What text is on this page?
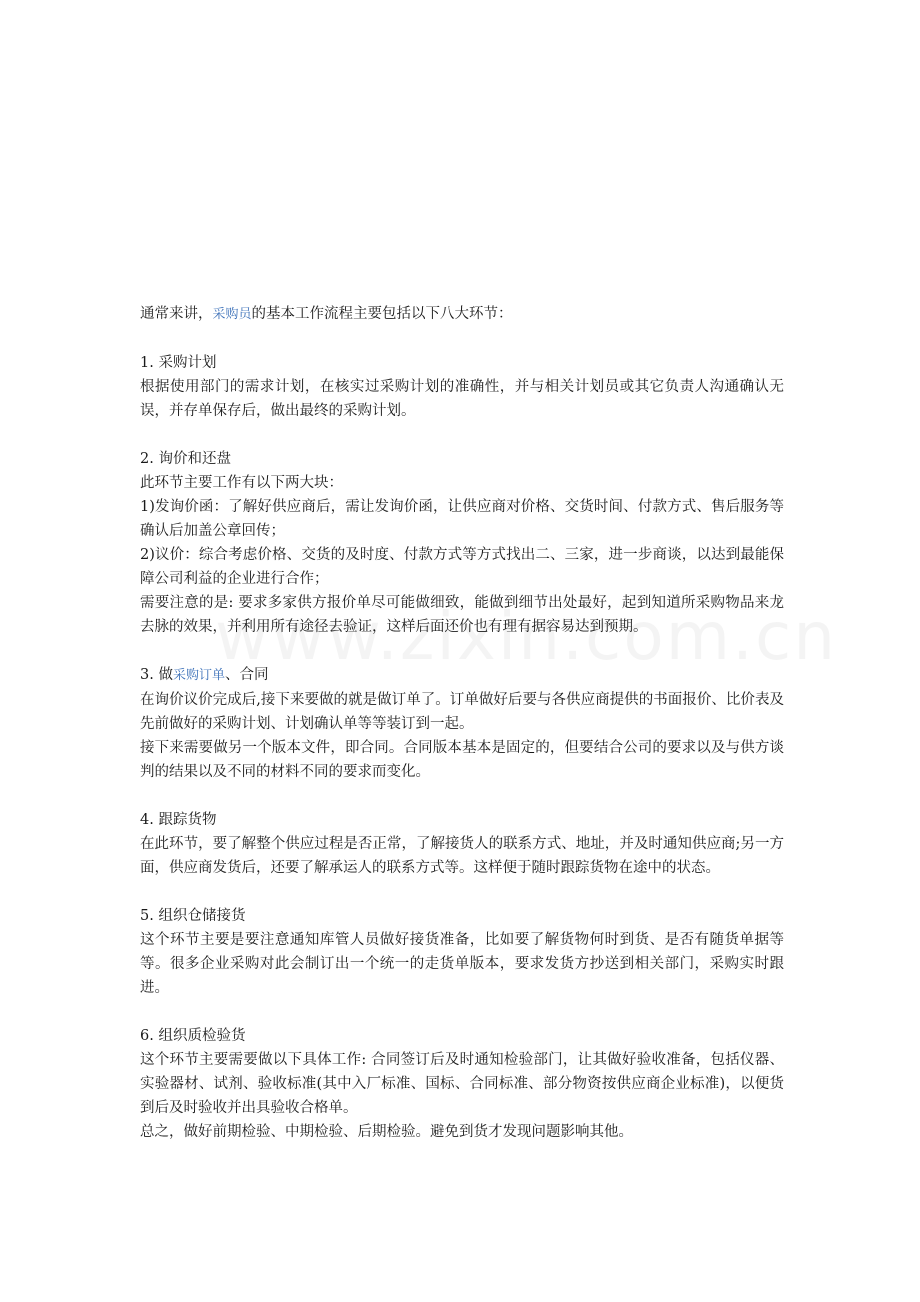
通常来讲，采购员的基本工作流程主要包括以下八大环节：

1. 采购计划

根据使用部门的需求计划，在核实过采购计划的准确性，并与相关计划员或其它负责人沟通确认无误，并存单保存后，做出最终的采购计划。

2. 询价和还盘

此环节主要工作有以下两大块：

1)发询价函：了解好供应商后，需让发询价函，让供应商对价格、交货时间、付款方式、售后服务等确认后加盖公章回传；

2)议价：综合考虑价格、交货的及时度、付款方式等方式找出二、三家，进一步商谈，以达到最能保障公司利益的企业进行合作；

需要注意的是: 要求多家供方报价单尽可能做细致，能做到细节出处最好，起到知道所采购物品来龙去脉的效果，并利用所有途径去验证，这样后面还价也有理有据容易达到预期。

3. 做采购订单、合同

在询价议价完成后,接下来要做的就是做订单了。订单做好后要与各供应商提供的书面报价、比价表及先前做好的采购计划、计划确认单等等装订到一起。

接下来需要做另一个版本文件，即合同。合同版本基本是固定的，但要结合公司的要求以及与供方谈判的结果以及不同的材料不同的要求而变化。

4. 跟踪货物

在此环节，要了解整个供应过程是否正常，了解接货人的联系方式、地址，并及时通知供应商;另一方面，供应商发货后，还要了解承运人的联系方式等。这样便于随时跟踪货物在途中的状态。

5. 组织仓储接货

这个环节主要是要注意通知库管人员做好接货准备，比如要了解货物何时到货、是否有随货单据等等。很多企业采购对此会制订出一个统一的走货单版本，要求发货方抄送到相关部门，采购实时跟进。

6. 组织质检验货

这个环节主要需要做以下具体工作: 合同签订后及时通知检验部门，让其做好验收准备，包括仪器、实验器材、试剂、验收标准(其中入厂标准、国标、合同标准、部分物资按供应商企业标准)，以便货到后及时验收并出具验收合格单。

总之，做好前期检验、中期检验、后期检验。避免到货才发现问题影响其他。
